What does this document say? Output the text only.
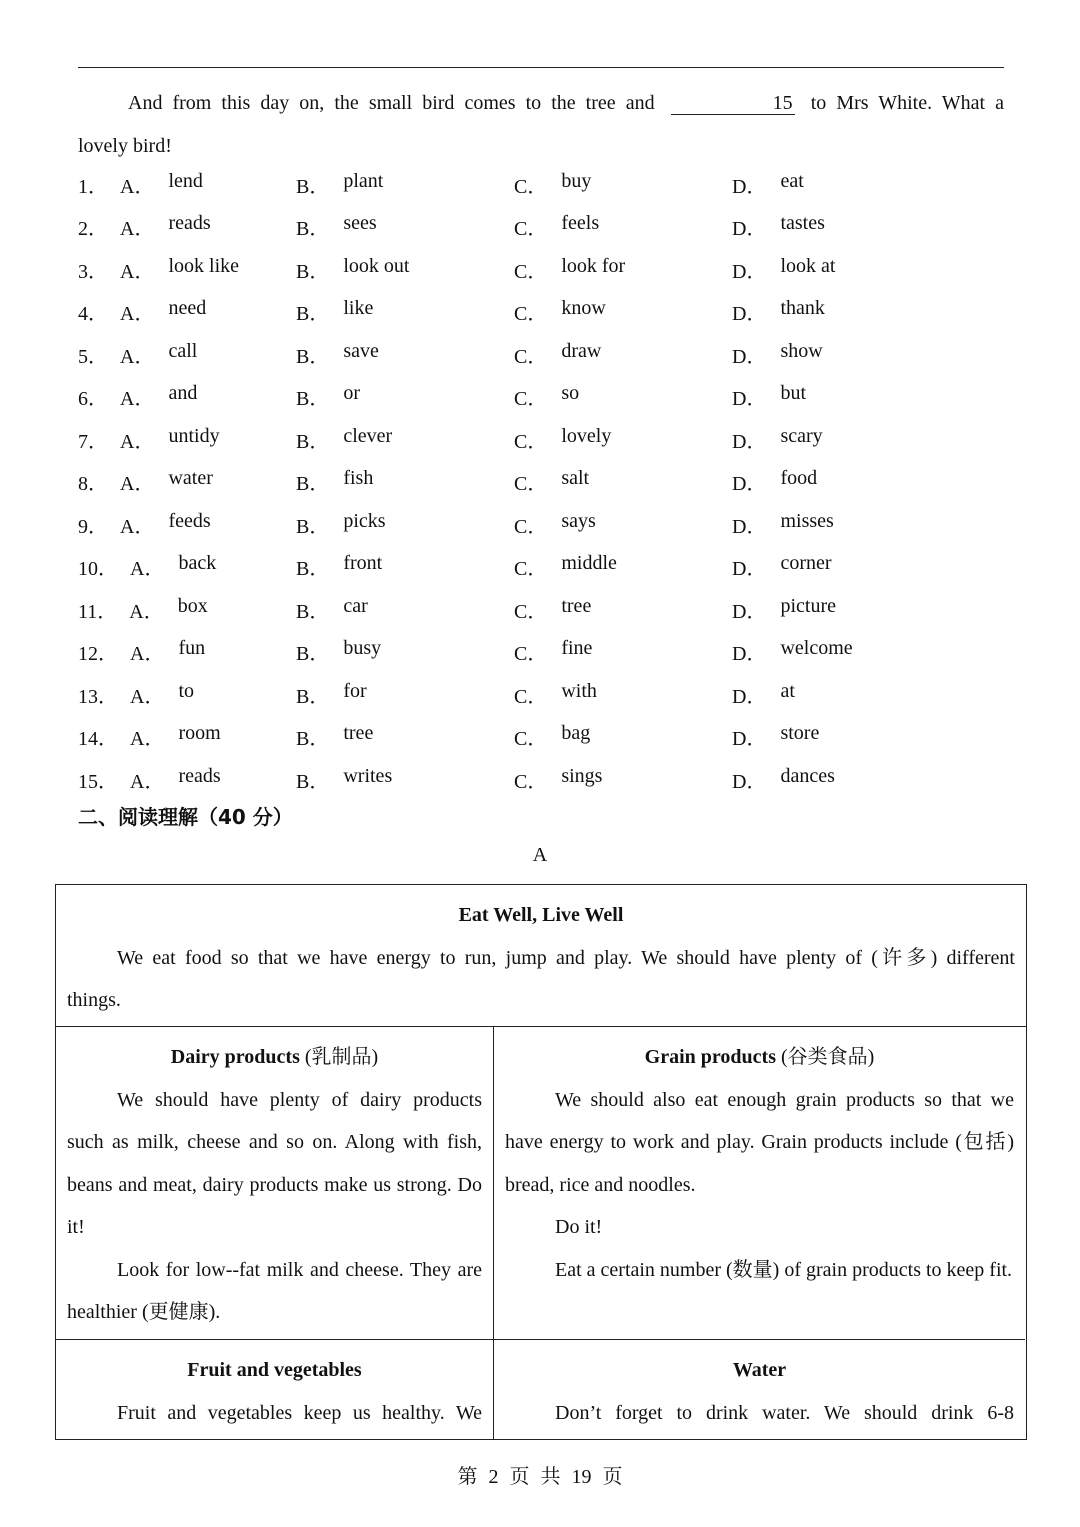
And from this day on, the small bird comes to the tree and	15 to Mrs White. What a
lovely bird!
1． A． lend	B． plant	C． buy	D． eat
2． A． reads	B． sees	C． feels	D． tastes
3． A． look like	B． look out	C． look for	D． look at
4． A． need	B． like	C． know	D． thank
5． A． call	B． save	C． draw	D． show
6． A． and	B． or	C． so	D． but
7． A． untidy	B． clever	C． lovely	D． scary
8． A． water	B． fish	C． salt	D． food
9． A． feeds	B． picks	C． says	D． misses
10． A． back	B． front	C． middle	D． corner
11． A． box	B． car	C． tree	D． picture
12． A． fun	B． busy	C． fine	D． welcome
13． A． to	B． for	C． with	D． at
14． A． room	B． tree	C． bag	D． store
15． A． reads	B． writes	C． sings	D． dances
二、阅读理解（40 分）
A
Eat Well, Live Well
We eat food so that we have energy to run, jump and play. We should have plenty of (许多) different
things.
Dairy products (乳制品)
We should have plenty of dairy products such as milk, cheese and so on. Along with fish, beans and meat, dairy products make us strong. Do it!
Look for low--fat milk and cheese. They are healthier (更健康).
Grain products (谷类食品)
We should also eat enough grain products so that we have energy to work and play. Grain products include (包括) bread, rice and noodles.
Do it!
Eat a certain number (数量) of grain products to keep fit.
Fruit and vegetables
Fruit and vegetables keep us healthy. We
Water
Don’t forget to drink water. We should drink 6-8
第 2 页 共 19 页
